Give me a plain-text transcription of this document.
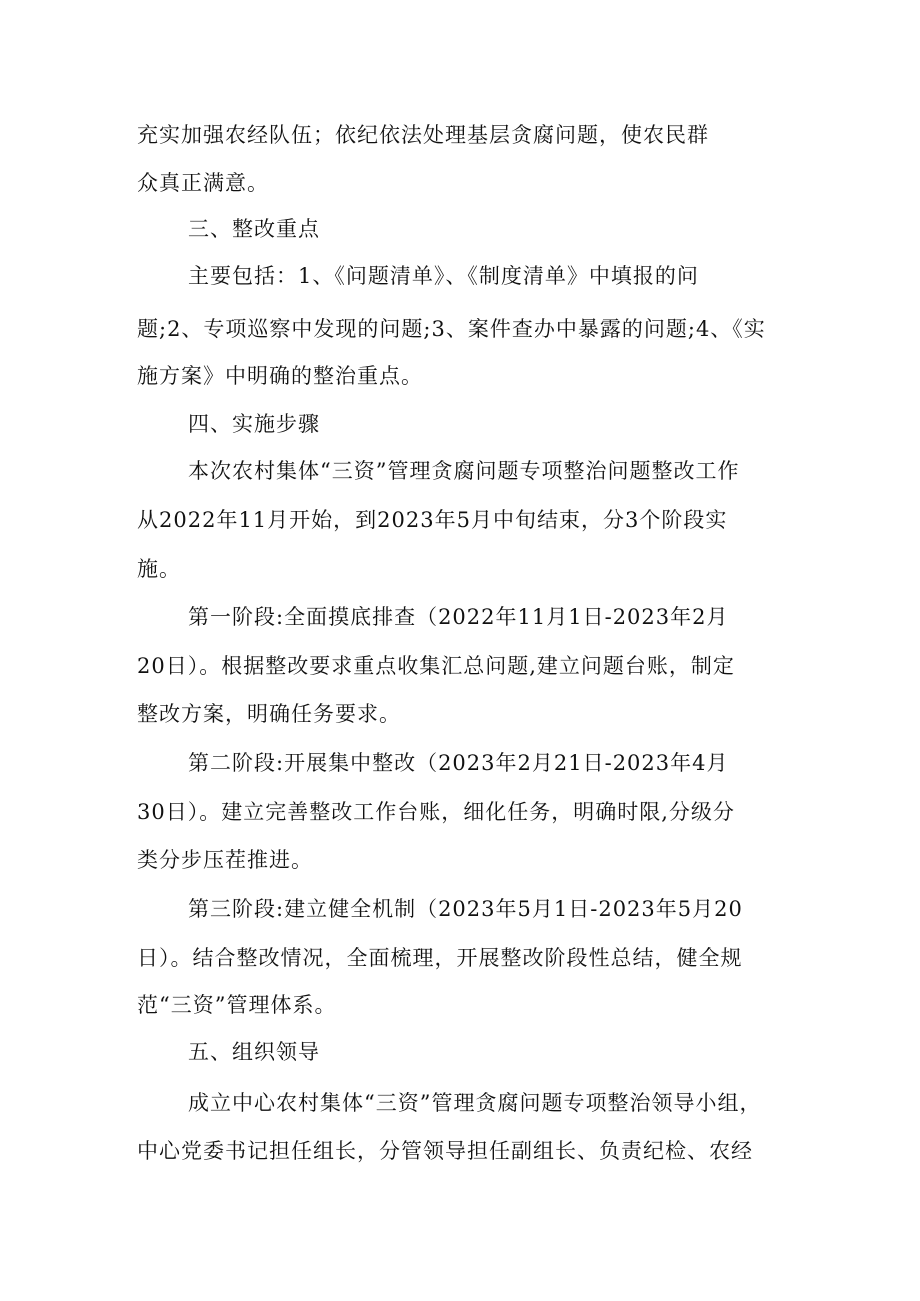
充实加强农经队伍；依纪依法处理基层贪腐问题，使农民群
众真正满意。
三、整改重点
主要包括：1、《问题清单》、《制度清单》中填报的问
题;2、专项巡察中发现的问题;3、案件查办中暴露的问题;4、《实
施方案》中明确的整治重点。
四、实施步骤
本次农村集体“三资”管理贪腐问题专项整治问题整改工作
从2022年11月开始，到2023年5月中旬结束，分3个阶段实
施。
第一阶段:全面摸底排查（2022年11月1日-2023年2月
20日）。根据整改要求重点收集汇总问题,建立问题台账，制定
整改方案，明确任务要求。
第二阶段:开展集中整改（2023年2月21日-2023年4月
30日）。建立完善整改工作台账，细化任务，明确时限,分级分
类分步压茬推进。
第三阶段:建立健全机制（2023年5月1日-2023年5月20
日）。结合整改情况，全面梳理，开展整改阶段性总结，健全规
范“三资”管理体系。
五、组织领导
成立中心农村集体“三资”管理贪腐问题专项整治领导小组，
中心党委书记担任组长，分管领导担任副组长、负责纪检、农经
